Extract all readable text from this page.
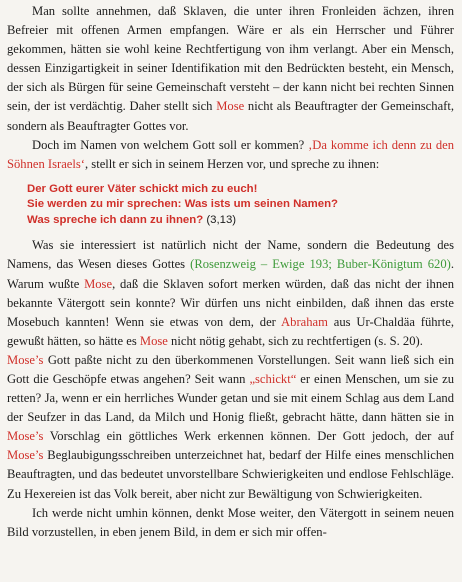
Man sollte annehmen, daß Sklaven, die unter ihren Fronleiden ächzen, ihren Befreier mit offenen Armen empfangen. Wäre er als ein Herrscher und Führer gekommen, hätten sie wohl keine Rechtfertigung von ihm verlangt. Aber ein Mensch, dessen Einzigartigkeit in seiner Identifikation mit den Bedrückten besteht, ein Mensch, der sich als Bürgen für seine Gemeinschaft versteht – der kann nicht bei rechten Sinnen sein, der ist verdächtig. Daher stellt sich Mose nicht als Beauftragter der Gemeinschaft, sondern als Beauftragter Gottes vor.

Doch im Namen von welchem Gott soll er kommen? ‚Da komme ich denn zu den Söhnen Israels‘, stellt er sich in seinem Herzen vor, und spreche zu ihnen:

Der Gott eurer Väter schickt mich zu euch!
Sie werden zu mir sprechen: Was ists um seinen Namen?
Was spreche ich dann zu ihnen? (3,13)

Was sie interessiert ist natürlich nicht der Name, sondern die Bedeutung des Namens, das Wesen dieses Gottes (Rosenzweig – Ewige 193; Buber-Königtum 620). Warum wußte Mose, daß die Sklaven sofort merken würden, daß das nicht der ihnen bekannte Vätergott sein konnte? Wir dürfen uns nicht einbilden, daß ihnen das erste Mosebuch kannten! Wenn sie etwas von dem, der Abraham aus Ur-Chaldäa führte, gewußt hätten, so hätte es Mose nicht nötig gehabt, sich zu rechtfertigen (s. S. 20).

Mose’s Gott paßte nicht zu den überkommenen Vorstellungen. Seit wann ließ sich ein Gott die Geschöpfe etwas angehen? Seit wann „schickt“ er einen Menschen, um sie zu retten? Ja, wenn er ein herrliches Wunder getan und sie mit einem Schlag aus dem Land der Seufzer in das Land, da Milch und Honig fließt, gebracht hätte, dann hätten sie in Mose’s Vorschlag ein göttliches Werk erkennen können. Der Gott jedoch, der auf Mose’s Beglaubigungsschreiben unterzeichnet hat, bedarf der Hilfe eines menschlichen Beauftragten, und das bedeutet unvorstellbare Schwierigkeiten und endlose Fehlschläge. Zu Hexereien ist das Volk bereit, aber nicht zur Bewältigung von Schwierigkeiten.

Ich werde nicht umhin können, denkt Mose weiter, den Vätergott in seinem neuen Bild vorzustellen, in eben jenem Bild, in dem er sich mir offen-
